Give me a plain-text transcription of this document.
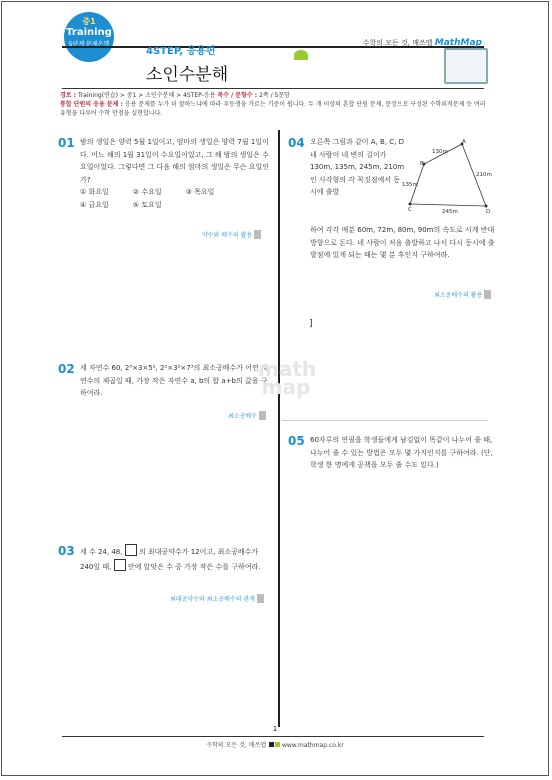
중1
Training
5단계 문제은행
4STEP, 응용편
소인수분해
수학의 모든 것, 매쓰맵 MathMap
경로 : Training(연습) > 중1 > 소인수분해 > 4STEP-응용 목수 / 문항수 : 2쪽 / 5문항
통합 단원의 응용 문제 : 응용 문제를 누가 더 잘하느냐에 따라 우등생을 가르는 기준이 됩니다. 두 개 이상의 혼합 단원 문제, 문장으로 구성된 수학외적문제 등 여러 유형을 다루어 수학 만점을 실현합니다.
01 밤의 생일은 양력 5월 1일이고, 엄마의 생일은 양력 7월 1일이다. 어느 해의 1월 31일이 수요일이었고, 그 해 밤의 생일은 수요일이었다. 그렇다면 그 다음 해의 엄마의 생일은 무슨 요일인가?
① 화요일	② 수요일	③ 목요일
④ 금요일	⑤ 토요일
약수와 배수의 활용
02 세 자연수 60, 2³×3×5², 2²×3²×7³의 최소공배수가 어떤 자연수의 제곱일 때, 가장 작은 자연수 a, b의 합 a+b의 값을 구하여라.
최소공배수
03 세 수 24, 48, 의 최대공약수가 12이고, 최소공배수가 240일 때, 안에 알맞은 수 중 가장 작은 수를 구하여라.
최대공약수와 최소공배수의 관계
04 오른쪽 그림과 같이 A, B, C, D 네 사람이 네 변의 길이가 130m, 135m, 245m, 210m인 사각형의 각 꼭짓점에서 동시에 출발
A
B
C	D
130m
135m
245m
210m
하여 각각 매분 60m, 72m, 80m, 90m의 속도로 시계 반대 방향으로 돈다. 네 사람이 처음 출발하고 나서 다시 동시에 출발점에 있게 되는 때는 몇 분 후인지 구하여라.
최소공배수의 활용
]
05 60자루의 연필을 학생들에게 남김없이 똑같이 나누어 줄 때, 나누어 줄 수 있는 방법은 모두 몇 가지인지를 구하여라. (단, 학생 한 명에게 공책을 모두 줄 수도 있다.)
math
map
1
수학의 모든 것, 매쓰맵	www.mathmap.co.kr
